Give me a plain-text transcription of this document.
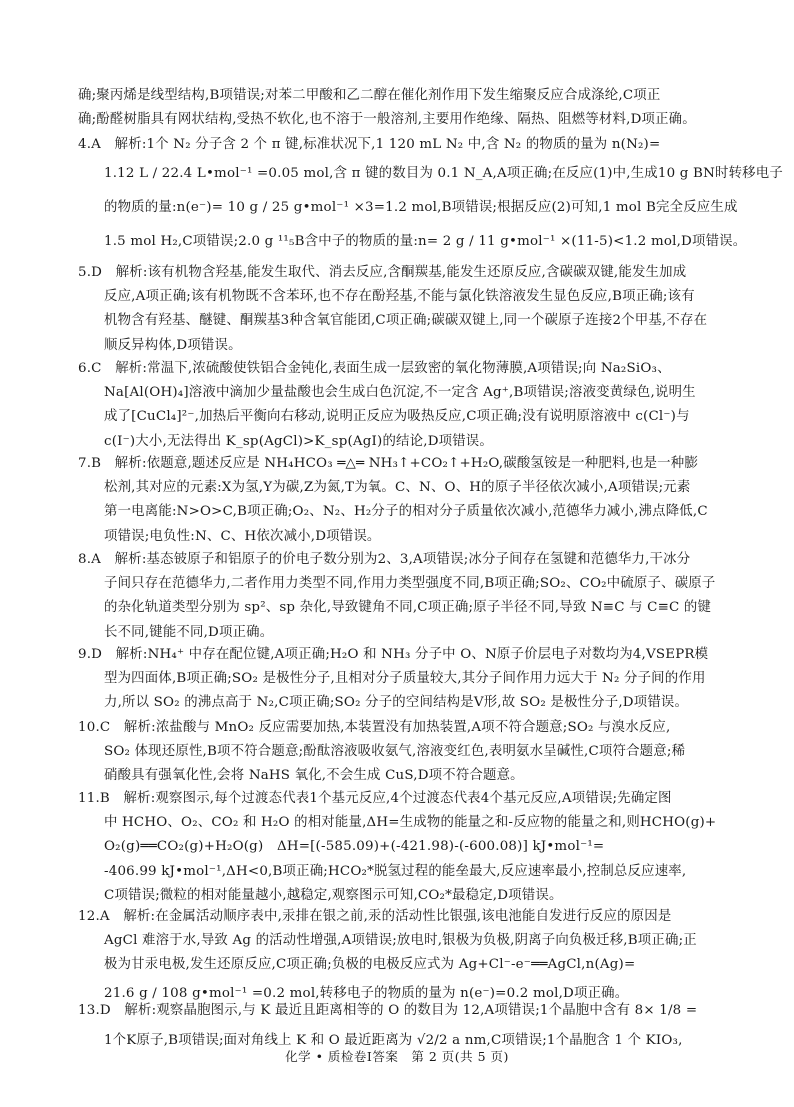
确;聚丙烯是线型结构,B项错误;对苯二甲酸和乙二醇在催化剂作用下发生缩聚反应合成涤纶,C项正
确;酚醛树脂具有网状结构,受热不软化,也不溶于一般溶剂,主要用作绝缘、隔热、阻燃等材料,D项正确。
4.A　解析:1个 N₂ 分子含 2 个 π 键,标准状况下,1 120 mL N₂ 中,含 N₂ 的物质的量为 n(N₂)=
1.12 L / 22.4 L•mol⁻¹ =0.05 mol,含 π 键的数目为 0.1 N_A,A项正确;在反应(1)中,生成10 g BN时转移电子
的物质的量:n(e⁻)= 10 g / 25 g•mol⁻¹ ×3=1.2 mol,B项错误;根据反应(2)可知,1 mol B完全反应生成
1.5 mol H₂,C项错误;2.0 g ¹¹₅B含中子的物质的量:n= 2 g / 11 g•mol⁻¹ ×(11-5)<1.2 mol,D项错误。
5.D　解析:该有机物含羟基,能发生取代、消去反应,含酮羰基,能发生还原反应,含碳碳双键,能发生加成
反应,A项正确;该有机物既不含苯环,也不存在酚羟基,不能与氯化铁溶液发生显色反应,B项正确;该有
机物含有羟基、醚键、酮羰基3种含氧官能团,C项正确;碳碳双键上,同一个碳原子连接2个甲基,不存在
顺反异构体,D项错误。
6.C　解析:常温下,浓硫酸使铁铝合金钝化,表面生成一层致密的氧化物薄膜,A项错误;向 Na₂SiO₃、
Na[Al(OH)₄]溶液中滴加少量盐酸也会生成白色沉淀,不一定含 Ag⁺,B项错误;溶液变黄绿色,说明生
成了[CuCl₄]²⁻,加热后平衡向右移动,说明正反应为吸热反应,C项正确;没有说明原溶液中 c(Cl⁻)与
c(I⁻)大小,无法得出 K_sp(AgCl)>K_sp(AgI)的结论,D项错误。
7.B　解析:依题意,题述反应是 NH₄HCO₃ ═△═ NH₃↑+CO₂↑+H₂O,碳酸氢铵是一种肥料,也是一种膨
松剂,其对应的元素:X为氢,Y为碳,Z为氮,T为氧。C、N、O、H的原子半径依次减小,A项错误;元素
第一电离能:N>O>C,B项正确;O₂、N₂、H₂分子的相对分子质量依次减小,范德华力减小,沸点降低,C
项错误;电负性:N、C、H依次减小,D项错误。
8.A　解析:基态铍原子和铝原子的价电子数分别为2、3,A项错误;冰分子间存在氢键和范德华力,干冰分
子间只存在范德华力,二者作用力类型不同,作用力类型强度不同,B项正确;SO₂、CO₂中硫原子、碳原子
的杂化轨道类型分别为 sp²、sp 杂化,导致键角不同,C项正确;原子半径不同,导致 N≡C 与 C≡C 的键
长不同,键能不同,D项正确。
9.D　解析:NH₄⁺ 中存在配位键,A项正确;H₂O 和 NH₃ 分子中 O、N原子价层电子对数均为4,VSEPR模
型为四面体,B项正确;SO₂ 是极性分子,且相对分子质量较大,其分子间作用力远大于 N₂ 分子间的作用
力,所以 SO₂ 的沸点高于 N₂,C项正确;SO₂ 分子的空间结构是V形,故 SO₂ 是极性分子,D项错误。
10.C　解析:浓盐酸与 MnO₂ 反应需要加热,本装置没有加热装置,A项不符合题意;SO₂ 与溴水反应,
SO₂ 体现还原性,B项不符合题意;酚酞溶液吸收氨气,溶液变红色,表明氨水呈碱性,C项符合题意;稀
硝酸具有强氧化性,会将 NaHS 氧化,不会生成 CuS,D项不符合题意。
11.B　解析:观察图示,每个过渡态代表1个基元反应,4个过渡态代表4个基元反应,A项错误;先确定图
中 HCHO、O₂、CO₂ 和 H₂O 的相对能量,ΔH=生成物的能量之和-反应物的能量之和,则HCHO(g)+
O₂(g)══CO₂(g)+H₂O(g)　ΔH=[(-585.09)+(-421.98)-(-600.08)] kJ•mol⁻¹=
-406.99 kJ•mol⁻¹,ΔH<0,B项正确;HCO₂*脱氢过程的能垒最大,反应速率最小,控制总反应速率,
C项错误;微粒的相对能量越小,越稳定,观察图示可知,CO₂*最稳定,D项错误。
12.A　解析:在金属活动顺序表中,汞排在银之前,汞的活动性比银强,该电池能自发进行反应的原因是
AgCl 难溶于水,导致 Ag 的活动性增强,A项错误;放电时,银极为负极,阴离子向负极迁移,B项正确;正
极为甘汞电极,发生还原反应,C项正确;负极的电极反应式为 Ag+Cl⁻-e⁻══AgCl,n(Ag)=
21.6 g / 108 g•mol⁻¹ =0.2 mol,转移电子的物质的量为 n(e⁻)=0.2 mol,D项正确。
13.D　解析:观察晶胞图示,与 K 最近且距离相等的 O 的数目为 12,A项错误;1个晶胞中含有 8× 1/8 =
1个K原子,B项错误;面对角线上 K 和 O 最近距离为 √2/2 a nm,C项错误;1个晶胞含 1 个 KIO₃,
化学 • 质检卷Ⅰ答案　第 2 页(共 5 页)
